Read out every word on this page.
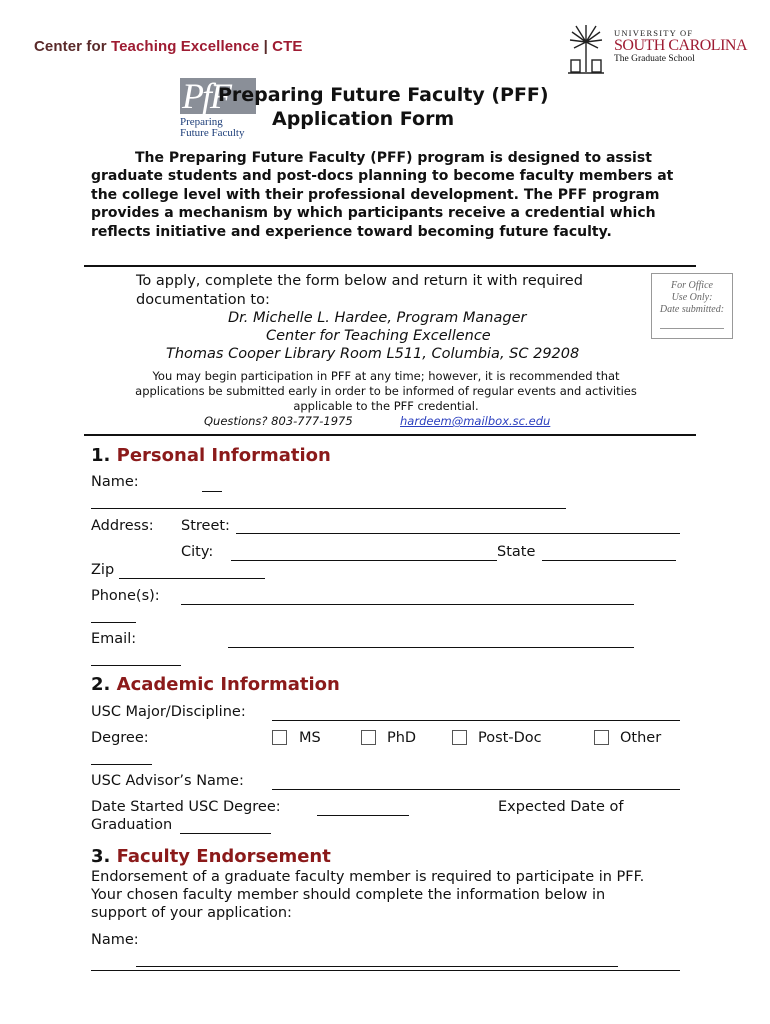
Center for Teaching Excellence | CTE
UNIVERSITY OF
SOUTH CAROLINA
The Graduate School
PfF
Preparing
Future Faculty
Preparing Future Faculty (PFF)
Application Form
The Preparing Future Faculty (PFF) program is designed to assist graduate students and post-docs planning to become faculty members at the college level with their professional development. The PFF program provides a mechanism by which participants receive a credential which reflects initiative and experience toward becoming future faculty.
To apply, complete the form below and return it with required
documentation to:
Dr. Michelle L. Hardee, Program Manager
Center for Teaching Excellence
Thomas Cooper Library Room L511, Columbia, SC 29208
For Office
Use Only:
Date submitted:
You may begin participation in PFF at any time; however, it is recommended that
applications be submitted early in order to be informed of regular events and activities
applicable to the PFF credential.
Questions? 803-777-1975	hardeem@mailbox.sc.edu
1. Personal Information
Name:
Address: Street:
City:	State
Zip
Phone(s):
Email:
2. Academic Information
USC Major/Discipline:
Degree:	MS	PhD	Post-Doc	Other
USC Advisor’s Name:
Date Started USC Degree:	Expected Date of
Graduation
3. Faculty Endorsement
Endorsement of a graduate faculty member is required to participate in PFF.
Your chosen faculty member should complete the information below in
support of your application:
Name:
